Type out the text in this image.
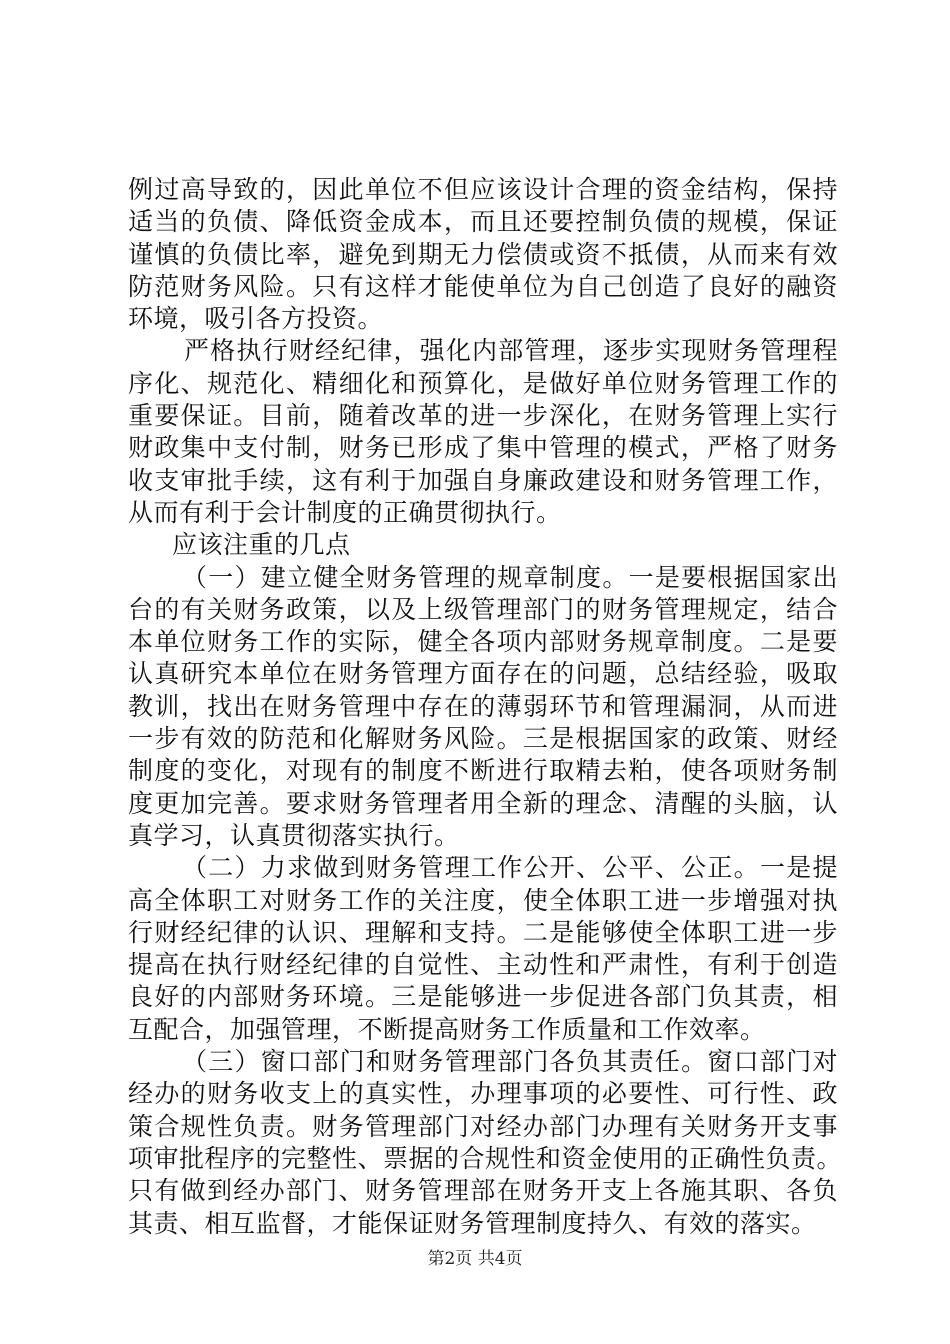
例过高导致的，因此单位不但应该设计合理的资金结构，保持
适当的负债、降低资金成本，而且还要控制负债的规模，保证
谨慎的负债比率，避免到期无力偿债或资不抵债，从而来有效
防范财务风险。只有这样才能使单位为自己创造了良好的融资
环境，吸引各方投资。
严格执行财经纪律，强化内部管理，逐步实现财务管理程
序化、规范化、精细化和预算化，是做好单位财务管理工作的
重要保证。目前，随着改革的进一步深化，在财务管理上实行
财政集中支付制，财务已形成了集中管理的模式，严格了财务
收支审批手续，这有利于加强自身廉政建设和财务管理工作，
从而有利于会计制度的正确贯彻执行。
应该注重的几点
（一）建立健全财务管理的规章制度。一是要根据国家出
台的有关财务政策，以及上级管理部门的财务管理规定，结合
本单位财务工作的实际，健全各项内部财务规章制度。二是要
认真研究本单位在财务管理方面存在的问题，总结经验，吸取
教训，找出在财务管理中存在的薄弱环节和管理漏洞，从而进
一步有效的防范和化解财务风险。三是根据国家的政策、财经
制度的变化，对现有的制度不断进行取精去粕，使各项财务制
度更加完善。要求财务管理者用全新的理念、清醒的头脑，认
真学习，认真贯彻落实执行。
（二）力求做到财务管理工作公开、公平、公正。一是提
高全体职工对财务工作的关注度，使全体职工进一步增强对执
行财经纪律的认识、理解和支持。二是能够使全体职工进一步
提高在执行财经纪律的自觉性、主动性和严肃性，有利于创造
良好的内部财务环境。三是能够进一步促进各部门负其责，相
互配合，加强管理，不断提高财务工作质量和工作效率。
（三）窗口部门和财务管理部门各负其责任。窗口部门对
经办的财务收支上的真实性，办理事项的必要性、可行性、政
策合规性负责。财务管理部门对经办部门办理有关财务开支事
项审批程序的完整性、票据的合规性和资金使用的正确性负责。
只有做到经办部门、财务管理部在财务开支上各施其职、各负
其责、相互监督，才能保证财务管理制度持久、有效的落实。
第2页 共4页
